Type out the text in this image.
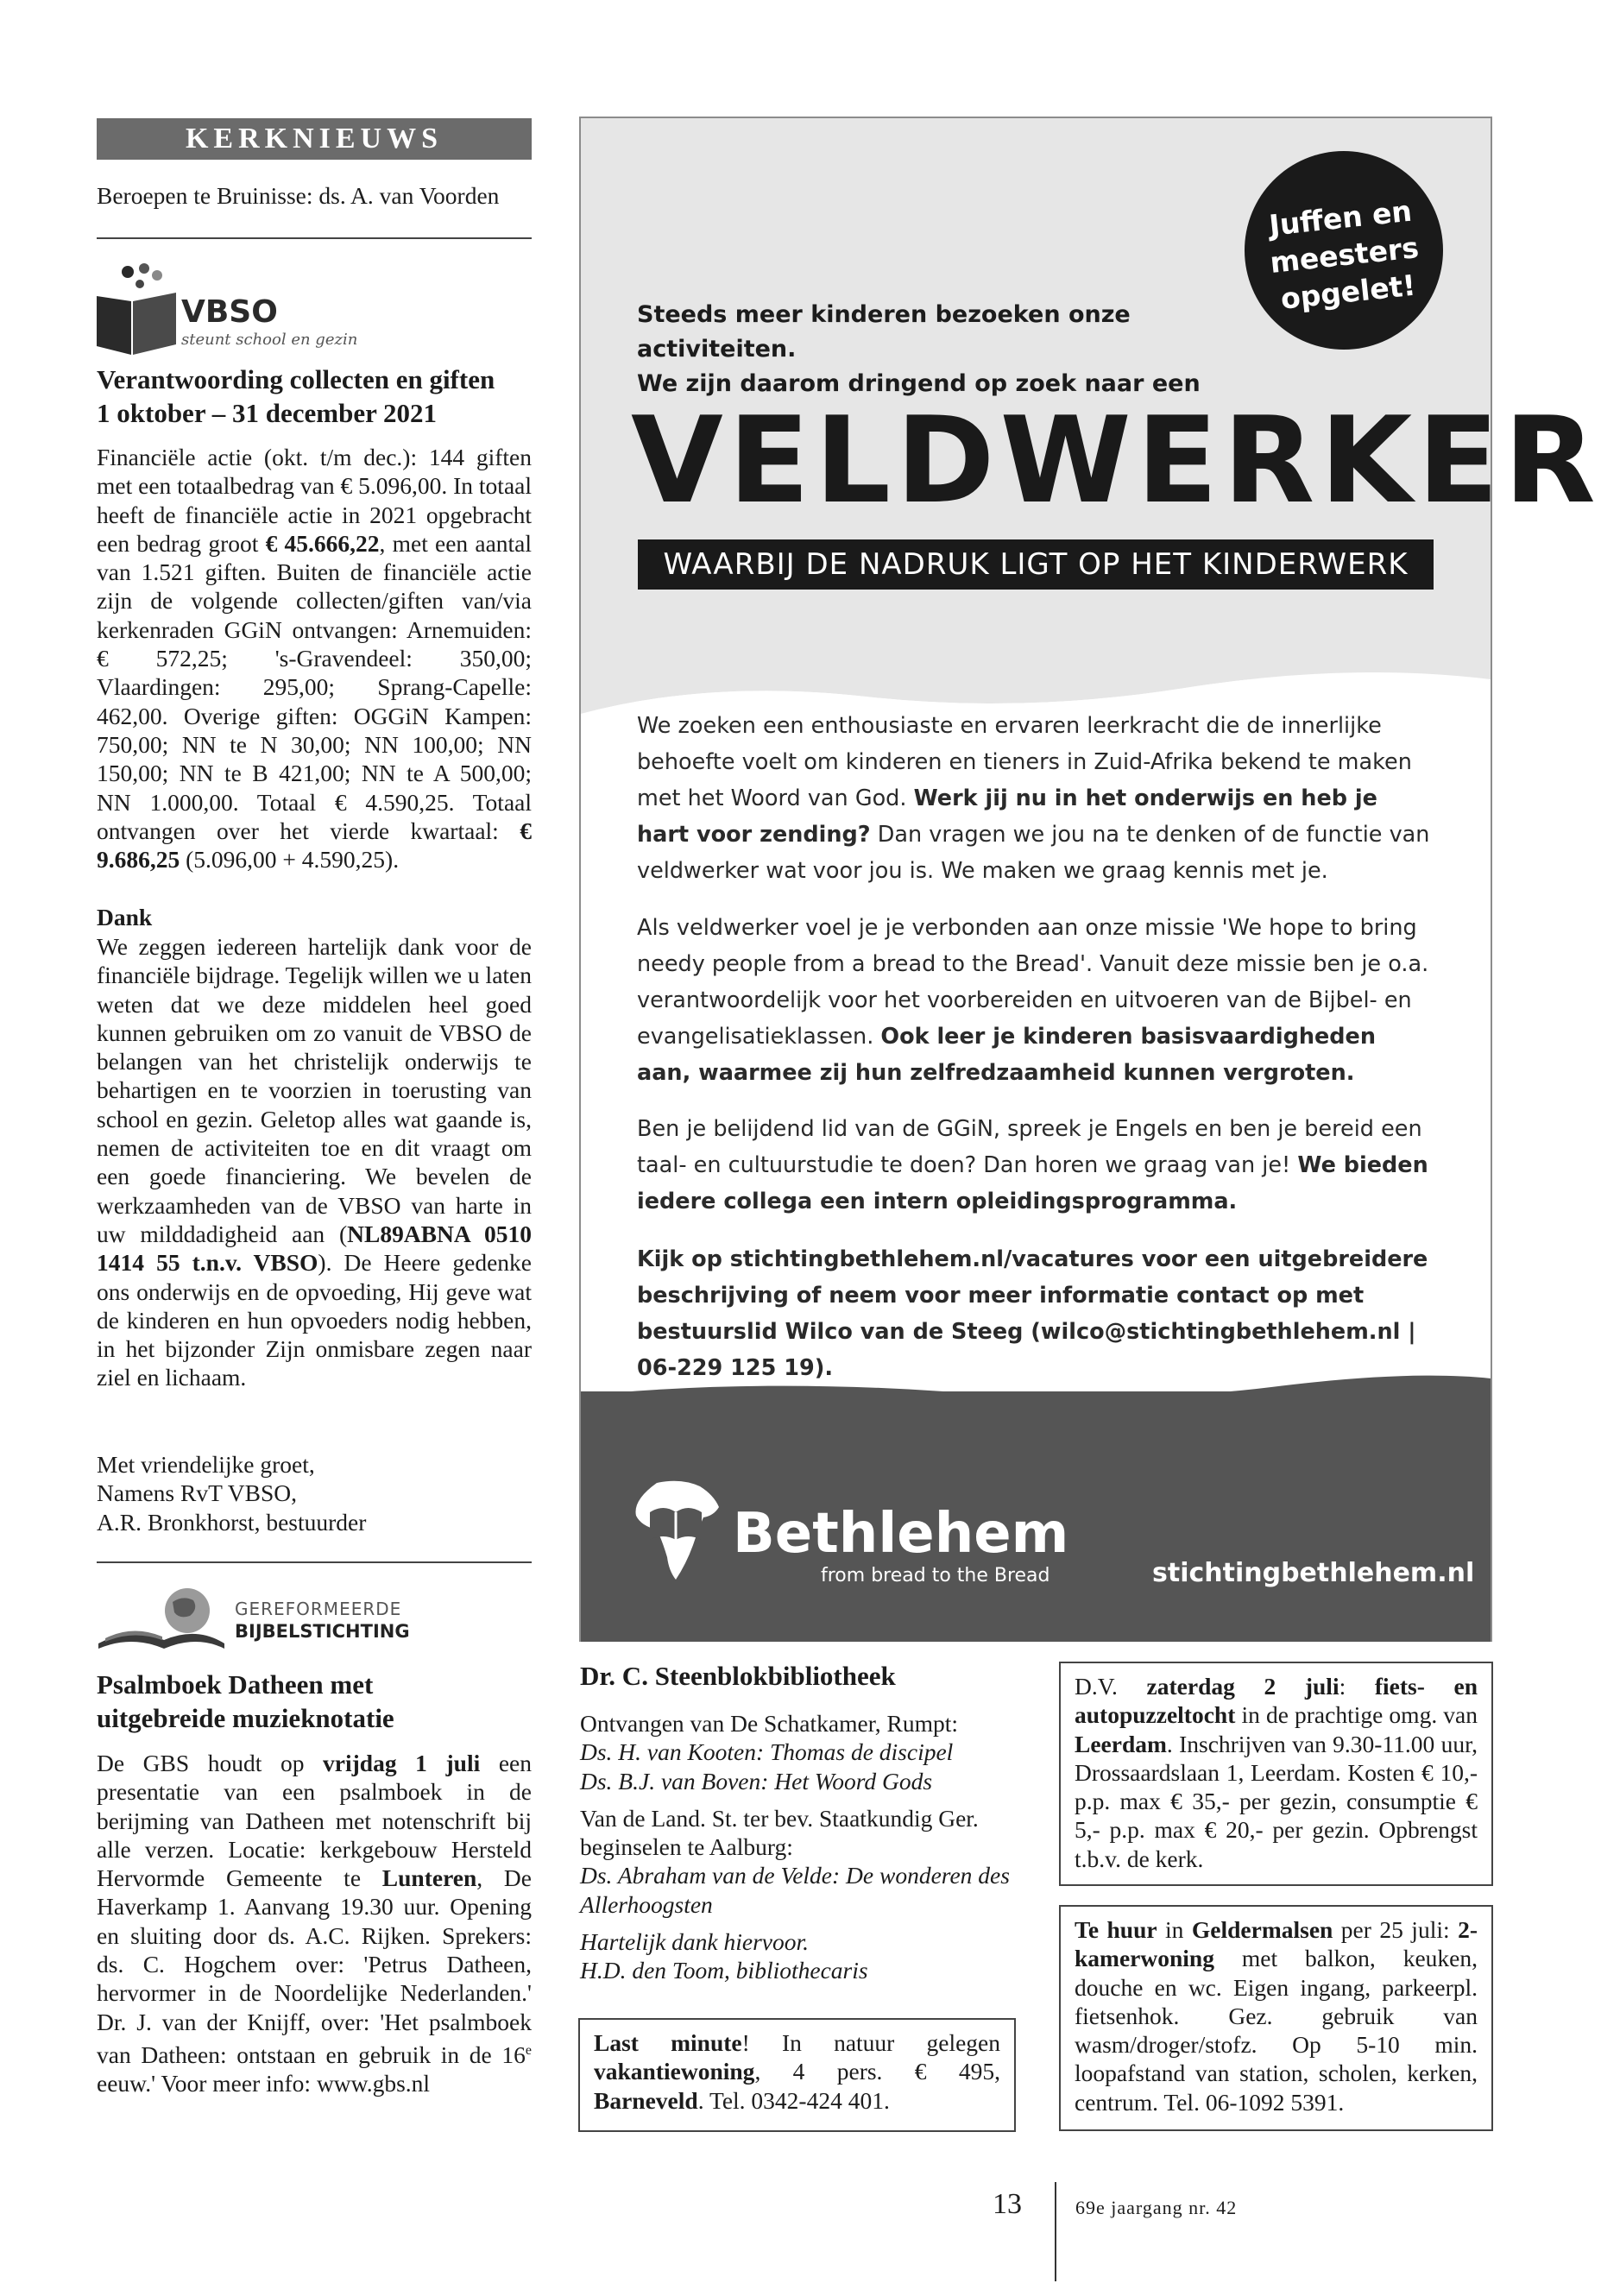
KERKNIEUWS
Beroepen te Bruinisse: ds. A. van Voorden
VBSO
steunt school en gezin
Verantwoording collecten en giften
1 oktober – 31 december 2021
Financiële actie (okt. t/m dec.): 144 giften met een totaalbedrag van € 5.096,00. In totaal heeft de financiële actie in 2021 opgebracht een bedrag groot € 45.666,22, met een aantal van 1.521 giften. Buiten de financiële actie zijn de volgende collecten/giften van/via kerkenraden GGiN ontvangen: Arnemuiden: € 572,25; 's-Gravendeel: 350,00; Vlaardingen: 295,00; Sprang-Capelle: 462,00. Overige giften: OGGiN Kampen: 750,00; NN te N 30,00; NN 100,00; NN 150,00; NN te B 421,00; NN te A 500,00; NN 1.000,00. Totaal € 4.590,25. Totaal ontvangen over het vierde kwartaal: € 9.686,25 (5.096,00 + 4.590,25).
Dank
We zeggen iedereen hartelijk dank voor de financiële bijdrage. Tegelijk willen we u laten weten dat we deze middelen heel goed kunnen gebruiken om zo vanuit de VBSO de belangen van het christelijk onderwijs te behartigen en te voorzien in toerusting van school en gezin. Geletop alles wat gaande is, nemen de activiteiten toe en dit vraagt om een goede financiering. We bevelen de werkzaamheden van de VBSO van harte in uw milddadigheid aan (NL89ABNA 0510 1414 55 t.n.v. VBSO). De Heere gedenke ons onderwijs en de opvoeding, Hij geve wat de kinderen en hun opvoeders nodig hebben, in het bijzonder Zijn onmisbare zegen naar ziel en lichaam.
Met vriendelijke groet,
Namens RvT VBSO,
A.R. Bronkhorst, bestuurder
GEREFORMEERDE
BIJBELSTICHTING
Psalmboek Datheen met
uitgebreide muzieknotatie
De GBS houdt op vrijdag 1 juli een presentatie van een psalmboek in de berijming van Datheen met notenschrift bij alle verzen. Locatie: kerkgebouw Hersteld Hervormde Gemeente te Lunteren, De Haverkamp 1. Aanvang 19.30 uur. Opening en sluiting door ds. A.C. Rijken. Sprekers: ds. C. Hogchem over: 'Petrus Datheen, hervormer in de Noordelijke Nederlanden.' Dr. J. van der Knijff, over: 'Het psalmboek van Datheen: ontstaan en gebruik in de 16e eeuw.' Voor meer info: www.gbs.nl
Juffen en
meesters
opgelet!
Steeds meer kinderen bezoeken onze activiteiten.
We zijn daarom dringend op zoek naar een
VELDWERKER
WAARBIJ DE NADRUK LIGT OP HET KINDERWERK
We zoeken een enthousiaste en ervaren leerkracht die de innerlijke behoefte voelt om kinderen en tieners in Zuid-Afrika bekend te maken met het Woord van God. Werk jij nu in het onderwijs en heb je hart voor zending? Dan vragen we jou na te denken of de functie van veldwerker wat voor jou is. We maken we graag kennis met je.
Als veldwerker voel je je verbonden aan onze missie 'We hope to bring needy people from a bread to the Bread'. Vanuit deze missie ben je o.a. verantwoordelijk voor het voorbereiden en uitvoeren van de Bijbel- en evangelisatieklassen. Ook leer je kinderen basisvaardigheden aan, waarmee zij hun zelfredzaamheid kunnen vergroten.
Ben je belijdend lid van de GGiN, spreek je Engels en ben je bereid een taal- en cultuurstudie te doen? Dan horen we graag van je! We bieden iedere collega een intern opleidingsprogramma.
Kijk op stichtingbethlehem.nl/vacatures voor een uitgebreidere beschrijving of neem voor meer informatie contact op met bestuurslid Wilco van de Steeg (wilco@stichtingbethlehem.nl | 06-229 125 19).
Bethlehem
from bread to the Bread	stichtingbethlehem.nl
Dr. C. Steenblokbibliotheek
Ontvangen van De Schatkamer, Rumpt:
Ds. H. van Kooten: Thomas de discipel
Ds. B.J. van Boven: Het Woord Gods
Van de Land. St. ter bev. Staatkundig Ger. beginselen te Aalburg:
Ds. Abraham van de Velde: De wonderen des Allerhoogsten
Hartelijk dank hiervoor.
H.D. den Toom, bibliothecaris
Last minute! In natuur gelegen vakantiewoning, 4 pers. € 495, Barneveld. Tel. 0342-424 401.
D.V. zaterdag 2 juli: fiets- en autopuzzeltocht in de prachtige omg. van Leerdam. Inschrijven van 9.30-11.00 uur, Drossaardslaan 1, Leerdam. Kosten € 10,- p.p. max € 35,- per gezin, consumptie € 5,- p.p. max € 20,- per gezin. Opbrengst t.b.v. de kerk.
Te huur in Geldermalsen per 25 juli: 2-kamerwoning met balkon, keuken, douche en wc. Eigen ingang, parkeerpl. fietsenhok. Gez. gebruik van wasm/droger/stofz. Op 5-10 min. loopafstand van station, scholen, kerken, centrum. Tel. 06-1092 5391.
13	69e jaargang nr. 42
